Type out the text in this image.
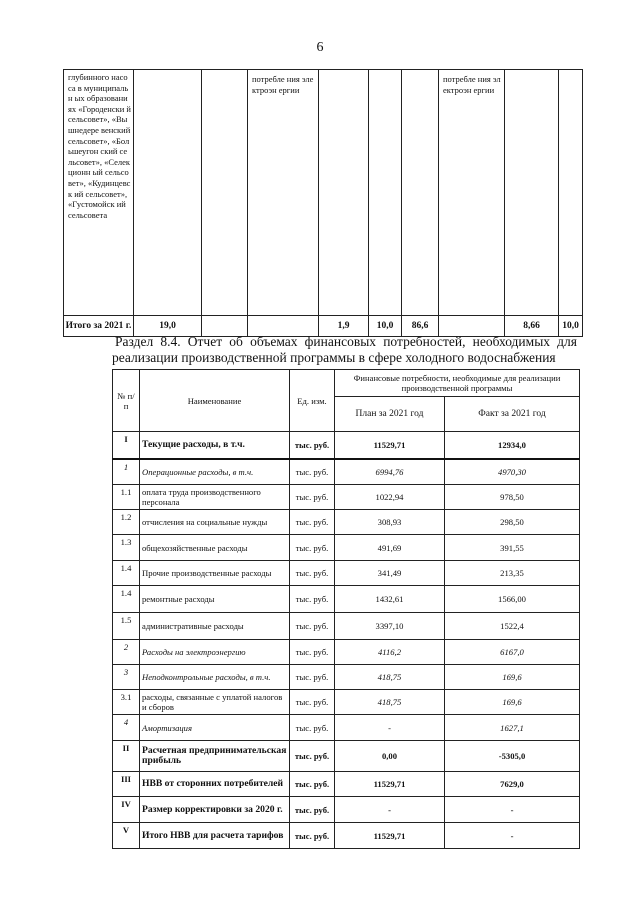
6
глубинного насоса в муниципальн ых образованиях «Городенски й сельсовет», «Вышнедере венский сельсовет», «Большеугон ский сельсовет», «Селекционн ый сельсовет», «Кудинцевск ий сельсовет», «Густомойск ий сельсовета			потребле ния электроэн ергии				потребле ния электроэн ергии		
Итого за 2021 г.	19,0			1,9	10,0	86,6		8,66	10,0
Раздел 8.4. Отчет об объемах финансовых потребностей, необходимых для
реализации производственной программы в сфере холодного водоснабжения
№ п/ п	Наименование	Ед. изм.	Финансовые потребности, необходимые для реализации производственной программы	
			План за 2021 год	Факт за 2021 год
I	Текущие расходы, в т.ч.	тыс. руб.	11529,71	12934,0
1	Операционные расходы, в т.ч.	тыс. руб.	6994,76	4970,30
1.1	оплата труда производственного персонала	тыс. руб.	1022,94	978,50
1.2	отчисления на социальные нужды	тыс. руб.	308,93	298,50
1.3	общехозяйственные расходы	тыс. руб.	491,69	391,55
1.4	Прочие производственные расходы	тыс. руб.	341,49	213,35
1.4	ремонтные расходы	тыс. руб.	1432,61	1566,00
1.5	административные расходы	тыс. руб.	3397,10	1522,4
2	Расходы на электроэнергию	тыс. руб.	4116,2	6167,0
3	Неподконтрольные расходы, в т.ч.	тыс. руб.	418,75	169,6
3.1	расходы, связанные с уплатой налогов и сборов	тыс. руб.	418,75	169,6
4	Амортизация	тыс. руб.	-	1627,1
II	Расчетная предпринимательская прибыль	тыс. руб.	0,00	-5305,0
III	НВВ от сторонних потребителей	тыс. руб.	11529,71	7629,0
IV	Размер корректировки за 2020 г.	тыс. руб.	-	-
V	Итого НВВ для расчета тарифов	тыс. руб.	11529,71	-
